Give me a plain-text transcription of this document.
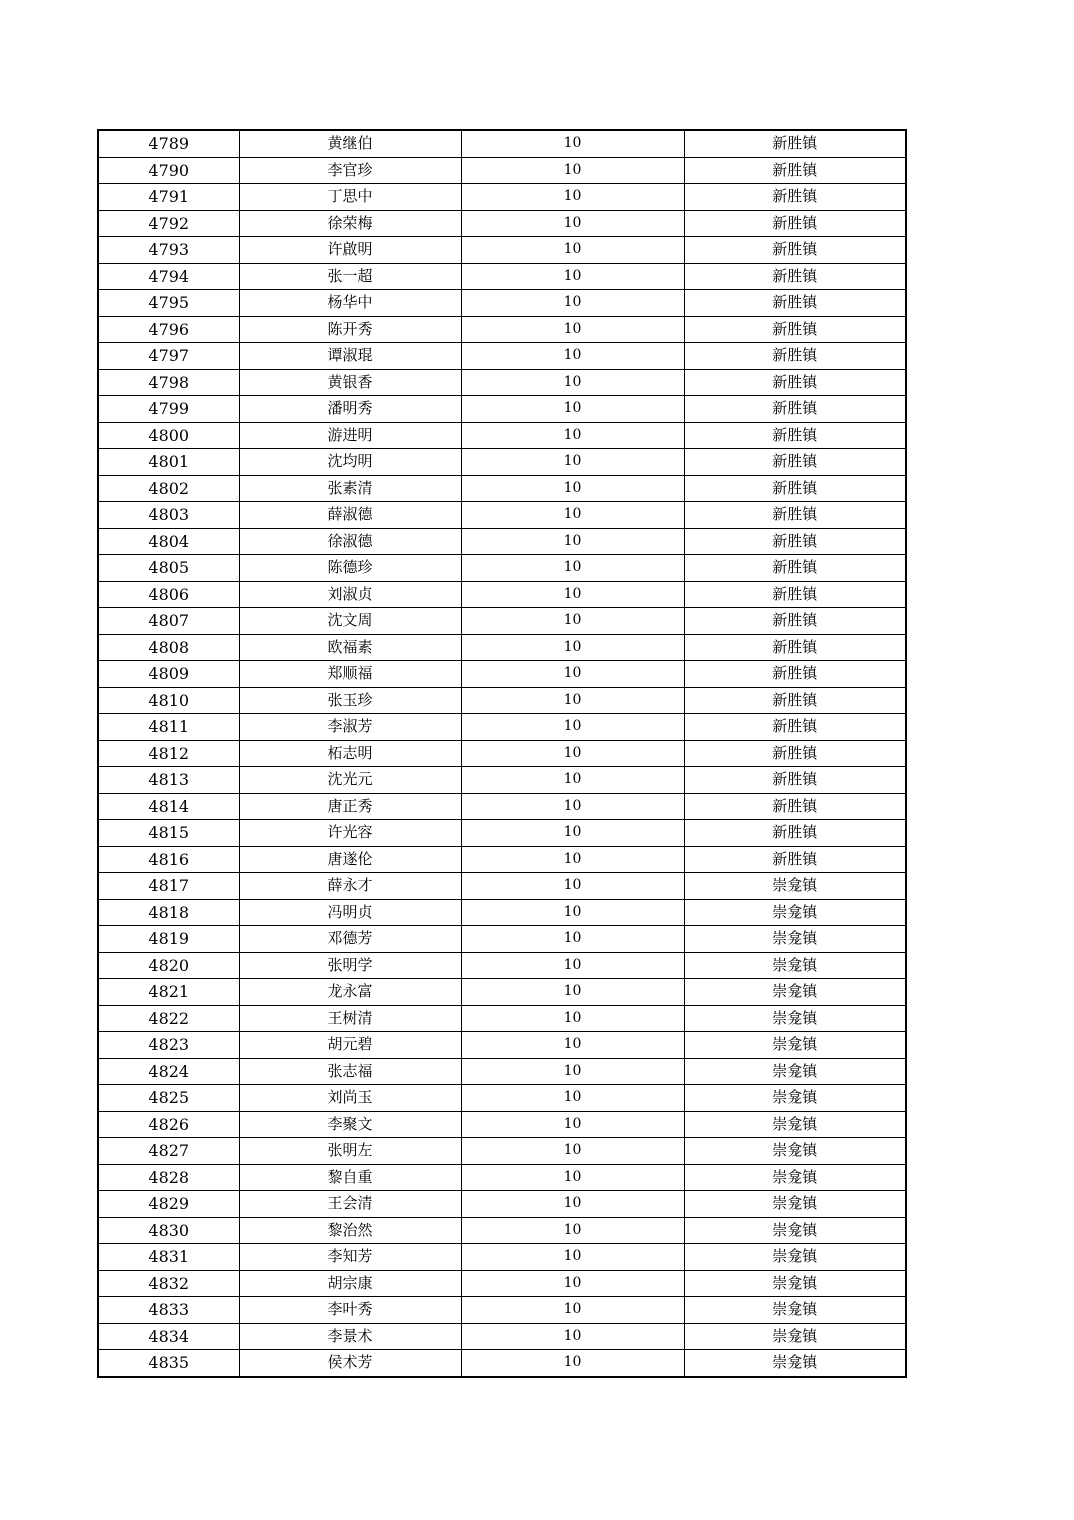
4789	黄继伯	10	新胜镇
4790	李官珍	10	新胜镇
4791	丁思中	10	新胜镇
4792	徐荣梅	10	新胜镇
4793	许啟明	10	新胜镇
4794	张一超	10	新胜镇
4795	杨华中	10	新胜镇
4796	陈开秀	10	新胜镇
4797	谭淑琨	10	新胜镇
4798	黄银香	10	新胜镇
4799	潘明秀	10	新胜镇
4800	游进明	10	新胜镇
4801	沈均明	10	新胜镇
4802	张素清	10	新胜镇
4803	薛淑德	10	新胜镇
4804	徐淑德	10	新胜镇
4805	陈德珍	10	新胜镇
4806	刘淑贞	10	新胜镇
4807	沈文周	10	新胜镇
4808	欧福素	10	新胜镇
4809	郑顺福	10	新胜镇
4810	张玉珍	10	新胜镇
4811	李淑芳	10	新胜镇
4812	柘志明	10	新胜镇
4813	沈光元	10	新胜镇
4814	唐正秀	10	新胜镇
4815	许光容	10	新胜镇
4816	唐遂伦	10	新胜镇
4817	薛永才	10	崇龛镇
4818	冯明贞	10	崇龛镇
4819	邓德芳	10	崇龛镇
4820	张明学	10	崇龛镇
4821	龙永富	10	崇龛镇
4822	王树清	10	崇龛镇
4823	胡元碧	10	崇龛镇
4824	张志福	10	崇龛镇
4825	刘尚玉	10	崇龛镇
4826	李聚文	10	崇龛镇
4827	张明左	10	崇龛镇
4828	黎自重	10	崇龛镇
4829	王会清	10	崇龛镇
4830	黎治然	10	崇龛镇
4831	李知芳	10	崇龛镇
4832	胡宗康	10	崇龛镇
4833	李叶秀	10	崇龛镇
4834	李景术	10	崇龛镇
4835	侯术芳	10	崇龛镇
